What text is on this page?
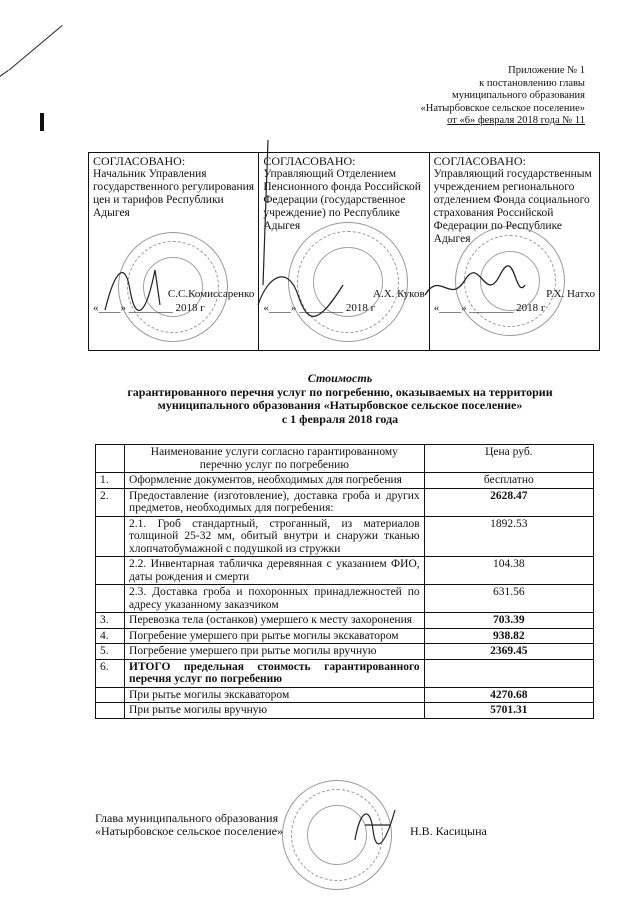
Приложение № 1
к постановлению главы
муниципального образования
«Натырбовское сельское поселение»
от «6» февраля 2018 года № 11
СОГЛАСОВАНО:
Начальник Управления государственного регулирования цен и тарифов Республики Адыгея
С.С.Комиссаренко
«____» ________ 2018 г
СОГЛАСОВАНО:
Управляющий Отделением Пенсионного фонда Российской Федерации (государственное учреждение) по Республике Адыгея
А.Х. Куков
«____» ________ 2018 г
СОГЛАСОВАНО:
Управляющий государственным учреждением регионального отделением Фонда социального страхования Российской Федерации по Республике Адыгея
Р.Х. Натхо
«____» ________ 2018 г
Стоимость
гарантированного перечня услуг по погребению, оказываемых на территории
муниципального образования «Натырбовское сельское поселение»
с 1 февраля 2018 года
	Наименование услуги согласно гарантированному перечню услуг по погребению	Цена руб.
1.	Оформление документов, необходимых для погребения	бесплатно
2.	Предоставление (изготовление), доставка гроба и других предметов, необходимых для погребения:	2628.47
	2.1. Гроб стандартный, строганный, из материалов толщиной 25-32 мм, обитый внутри и снаружи тканью хлопчатобумажной с подушкой из стружки	1892.53
	2.2. Инвентарная табличка деревянная с указанием ФИО, даты рождения и смерти	104.38
	2.3. Доставка гроба и похоронных принадлежностей по адресу указанному заказчиком	631.56
3.	Перевозка тела (останков) умершего к месту захоронения	703.39
4.	Погребение умершего при рытье могилы экскаватором	938.82
5.	Погребение умершего при рытье могилы вручную	2369.45
6.	ИТОГО предельная стоимость гарантированного перечня услуг по погребению	
	При рытье могилы экскаватором	4270.68
	При рытье могилы вручную	5701.31
Глава муниципального образования
«Натырбовское сельское поселение»	Н.В. Касицына
